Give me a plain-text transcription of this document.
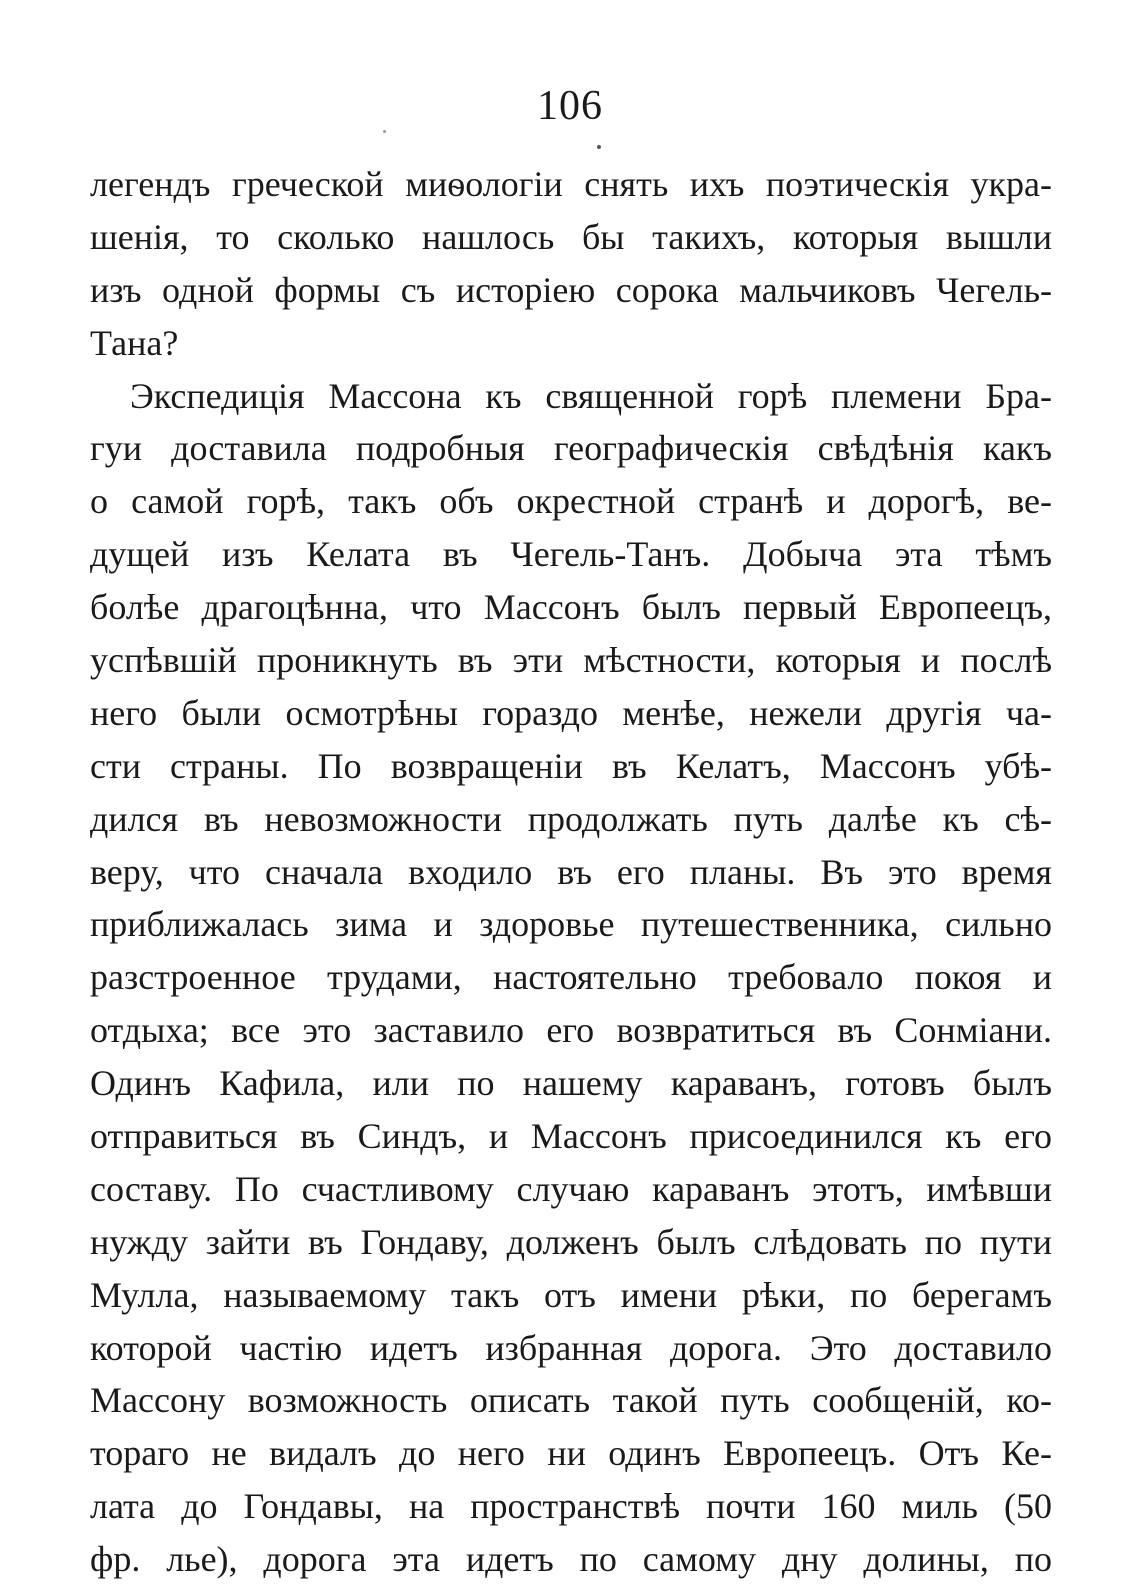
106
легендъ греческой миѳологіи снять ихъ поэтическія укра-
шенія, то сколько нашлось бы такихъ, которыя вышли
изъ одной формы съ исторіею сорока мальчиковъ Чегель-
Тана?
Экспедиція Массона къ священной горѣ племени Бра-
гуи доставила подробныя географическія свѣдѣнія какъ
о самой горѣ, такъ объ окрестной странѣ и дорогѣ, ве-
дущей изъ Келата въ Чегель-Танъ. Добыча эта тѣмъ
болѣе драгоцѣнна, что Массонъ былъ первый Европеецъ,
успѣвшій проникнуть въ эти мѣстности, которыя и послѣ
него были осмотрѣны гораздо менѣе, нежели другія ча-
сти страны. По возвращеніи въ Келатъ, Массонъ убѣ-
дился въ невозможности продолжать путь далѣе къ сѣ-
веру, что сначала входило въ его планы. Въ это время
приближалась зима и здоровье путешественника, сильно
разстроенное трудами, настоятельно требовало покоя и
отдыха; все это заставило его возвратиться въ Сонміани.
Одинъ Кафила, или по нашему караванъ, готовъ былъ
отправиться въ Синдъ, и Массонъ присоединился къ его
составу. По счастливому случаю караванъ этотъ, имѣвши
нужду зайти въ Гондаву, долженъ былъ слѣдовать по пути
Мулла, называемому такъ отъ имени рѣки, по берегамъ
которой частію идетъ избранная дорога. Это доставило
Массону возможность описать такой путь сообщеній, ко-
тораго не видалъ до него ни одинъ Европеецъ. Отъ Ке-
лата до Гондавы, на пространствѣ почти 160 миль (50
фр. лье), дорога эта идетъ по самому дну долины, по
